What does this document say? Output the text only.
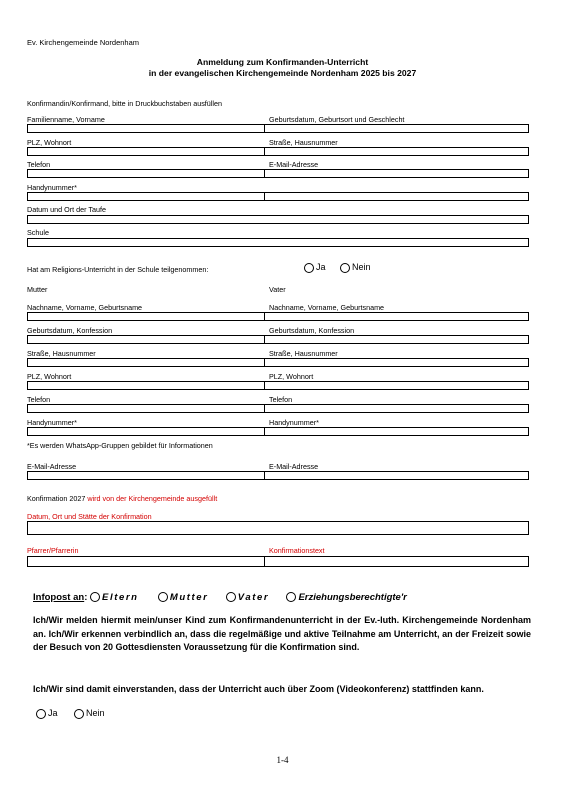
Ev. Kirchengemeinde Nordenham
Anmeldung zum Konfirmanden-Unterricht
in der evangelischen Kirchengemeinde Nordenham 2025 bis 2027
Konfirmandin/Konfirmand, bitte in Druckbuchstaben ausfüllen
Familienname, Vorname	Geburtsdatum, Geburtsort und Geschlecht
PLZ, Wohnort	Straße, Hausnummer
Telefon	E-Mail-Adresse
Handynummer*
Datum und Ort der Taufe
Schule
Hat am Religions-Unterricht in der Schule teilgenommen:	Ja	Nein
Mutter	Vater
Nachname, Vorname, Geburtsname	Nachname, Vorname, Geburtsname
Geburtsdatum, Konfession	Geburtsdatum, Konfession
Straße, Hausnummer	Straße, Hausnummer
PLZ, Wohnort	PLZ, Wohnort
Telefon	Telefon
Handynummer*	Handynummer*
*Es werden WhatsApp-Gruppen gebildet für Informationen
E-Mail-Adresse	E-Mail-Adresse
Konfirmation 2027 wird von der Kirchengemeinde ausgefüllt
Datum, Ort und Stätte der Konfirmation
Pfarrer/Pfarrerin	Konfirmationstext
Infopost an: Eltern	Mutter	Vater	Erziehungsberechtigte'r
Ich/Wir melden hiermit mein/unser Kind zum Konfirmandenunterricht in der Ev.-luth. Kirchengemeinde Nordenham an. Ich/Wir erkennen verbindlich an, dass die regelmäßige und aktive Teilnahme am Unterricht, an der Freizeit sowie der Besuch von 20 Gottesdiensten Voraussetzung für die Konfirmation sind.
Ich/Wir sind damit einverstanden, dass der Unterricht auch über Zoom (Videokonferenz) stattfinden kann.
Ja	Nein
1-4
